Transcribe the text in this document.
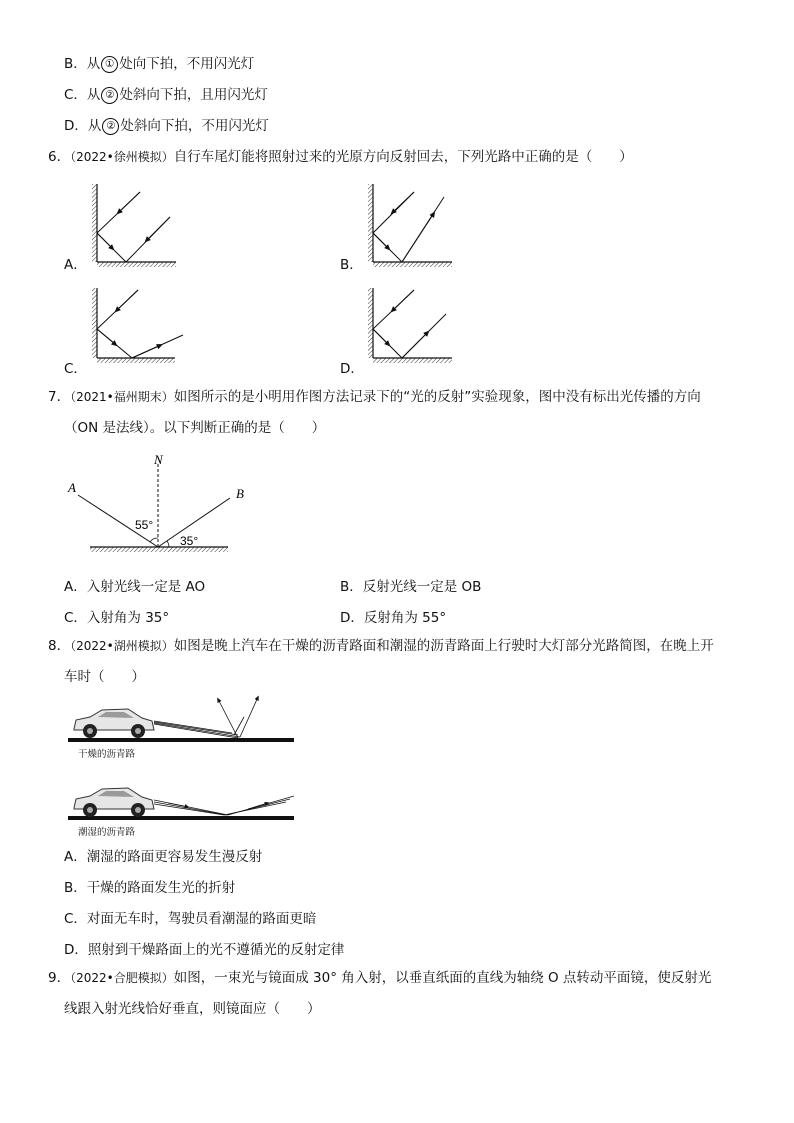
B．从 ① 处向下拍，不用闪光灯
C．从 ② 处斜向下拍，且用闪光灯
D．从 ② 处斜向下拍，不用闪光灯
6．（2022•徐州模拟）自行车尾灯能将照射过来的光原方向反射回去，下列光路中正确的是（　　）
A．	B．
C．	D．
7．（2021•福州期末）如图所示的是小明用作图方法记录下的“光的反射”实验现象，图中没有标出光传播的方向
（ON 是法线）。以下判断正确的是（　　）
N
A	B
55°
35°
A．入射光线一定是 AO	B．反射光线一定是 OB
C．入射角为 35°	D．反射角为 55°
8．（2022•湖州模拟）如图是晚上汽车在干燥的沥青路面和潮湿的沥青路面上行驶时大灯部分光路简图，在晚上开
车时（　　）
干燥的沥青路
潮湿的沥青路
A．潮湿的路面更容易发生漫反射
B．干燥的路面发生光的折射
C．对面无车时，驾驶员看潮湿的路面更暗
D．照射到干燥路面上的光不遵循光的反射定律
9．（2022•合肥模拟）如图，一束光与镜面成 30° 角入射，以垂直纸面的直线为轴绕 O 点转动平面镜，使反射光
线跟入射光线恰好垂直，则镜面应（　　）
